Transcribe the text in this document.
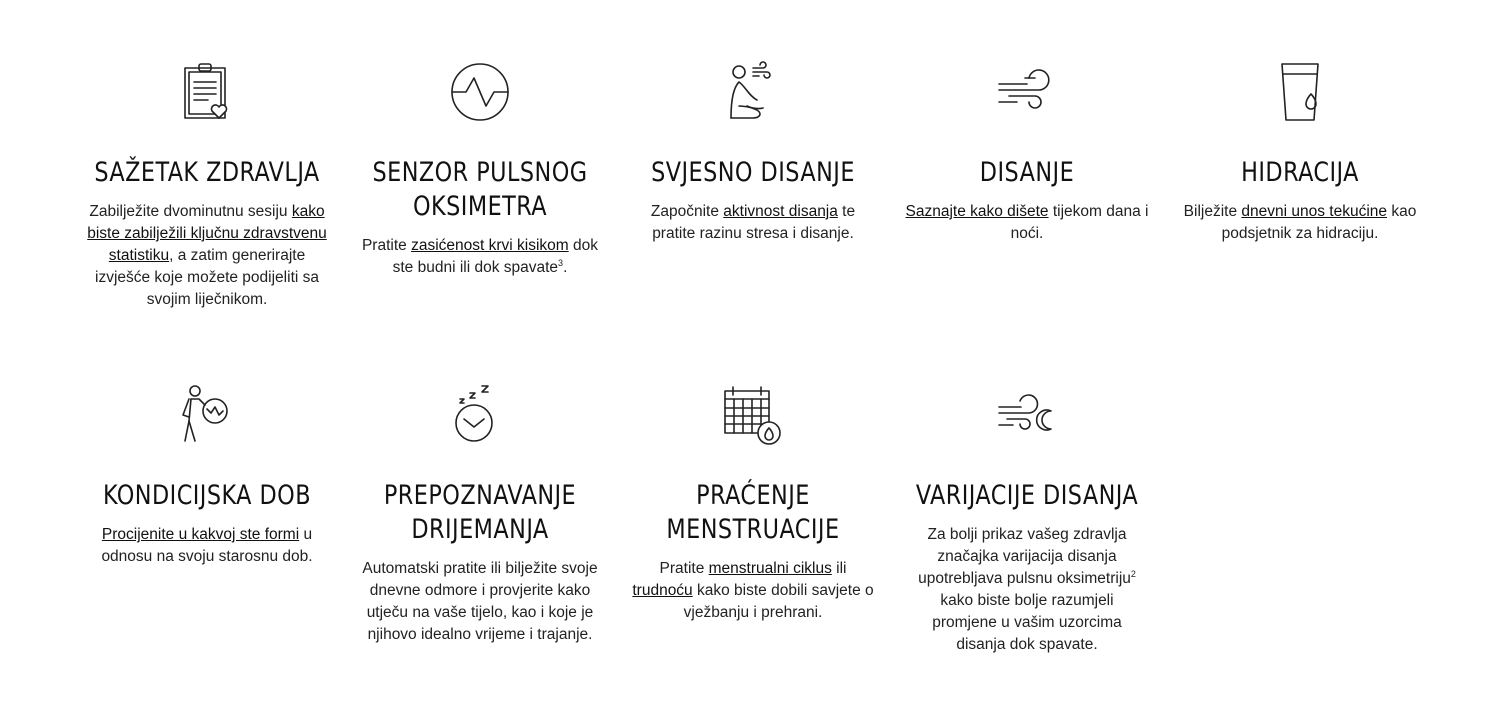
SAŽETAK ZDRAVLJA

Zabilježite dvominutnu sesiju kako biste zabilježili ključnu zdravstvenu statistiku, a zatim generirajte izvješće koje možete podijeliti sa svojim liječnikom.

SENZOR PULSNOG OKSIMETRA

Pratite zasićenost krvi kisikom dok ste budni ili dok spavate$^3$.

SVJESNO DISANJE

Započnite aktivnost disanja te pratite razinu stresa i disanje.

DISANJE

Saznajte kako dišete tijekom dana i noći.

HIDRACIJA

Bilježite dnevni unos tekućine kao podsjetnik za hidraciju.

KONDICIJSKA DOB

Procijenite u kakvoj ste formi u odnosu na svoju starosnu dob.

PREPOZNAVANJE DRIJEMANJA

Automatski pratite ili bilježite svoje dnevne odmore i provjerite kako utječu na vaše tijelo, kao i koje je njihovo idealno vrijeme i trajanje.

PRAĆENJE MENSTRUACIJE

Pratite menstrualni ciklus ili trudnoću kako biste dobili savjete o vježbanju i prehrani.

VARIJACIJE DISANJA

Za bolji prikaz vašeg zdravlja značajka varijacija disanja upotrebljava pulsnu oksimetriju$^2$ kako biste bolje razumjeli promjene u vašim uzorcima disanja dok spavate.
